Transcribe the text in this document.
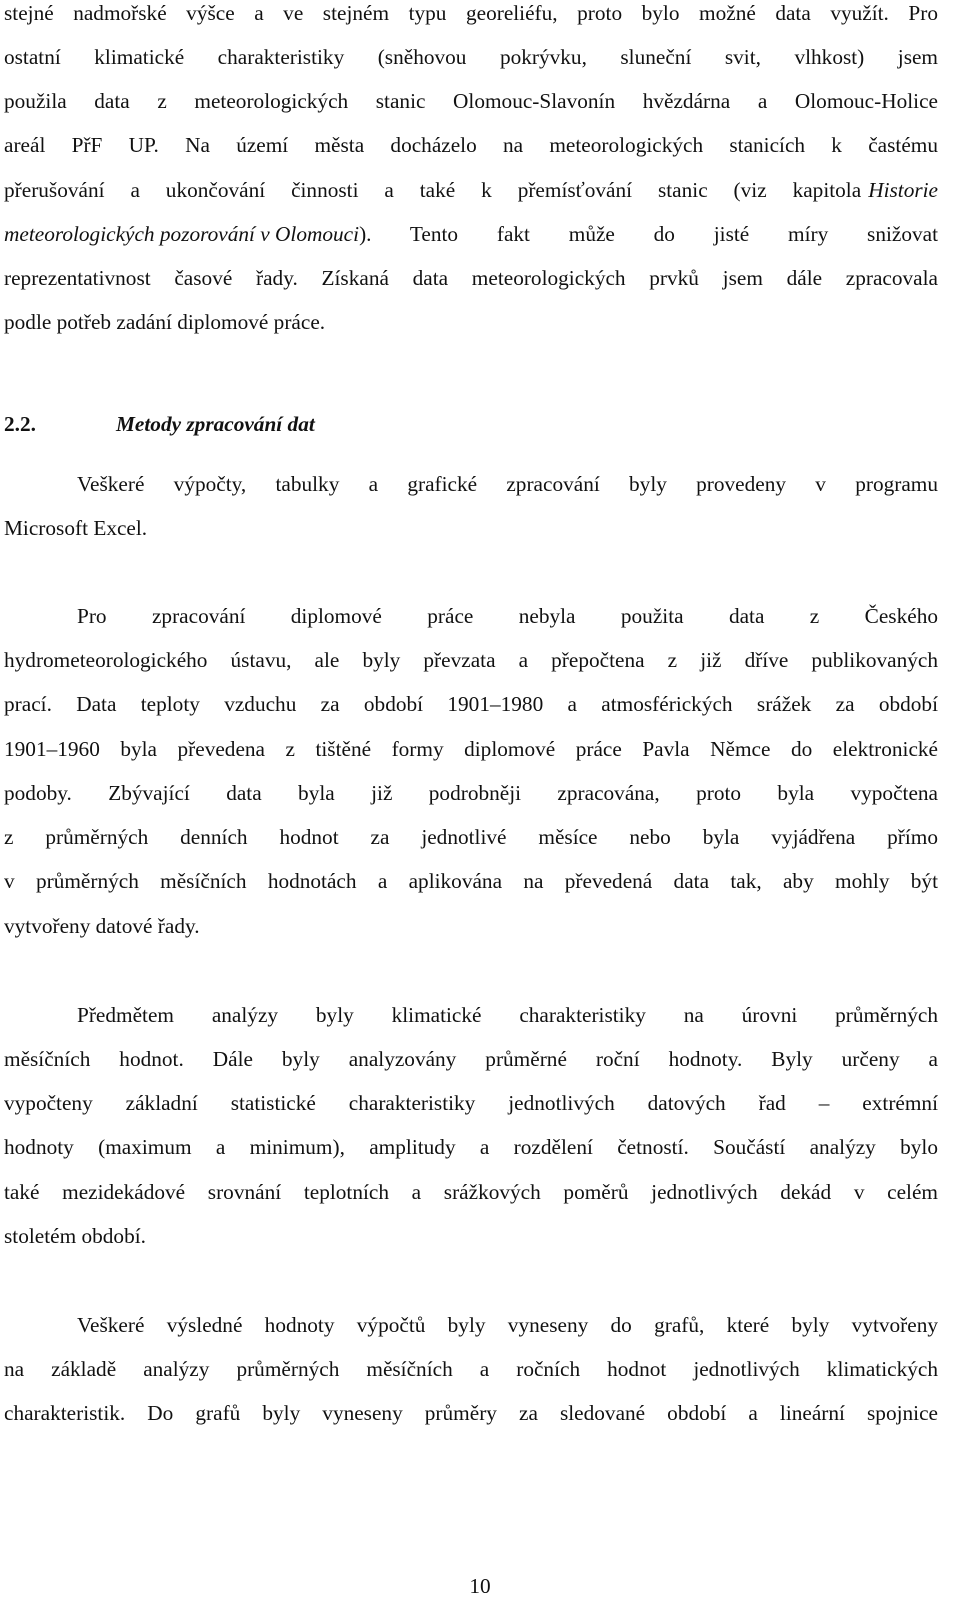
stejné nadmořské výšce a ve stejném typu georeliéfu, proto bylo možné data využít. Pro
ostatní klimatické charakteristiky (sněhovou pokrývku, sluneční svit, vlhkost) jsem
použila data z meteorologických stanic Olomouc-Slavonín hvězdárna a Olomouc-Holice
areál PřF UP. Na území města docházelo na meteorologických stanicích k častému
přerušování a ukončování činnosti a také k přemísťování stanic (viz kapitola Historie
meteorologických pozorování v Olomouci ). Tento fakt může do jisté míry snižovat
reprezentativnost časové řady. Získaná data meteorologických prvků jsem dále zpracovala
podle potřeb zadání diplomové práce.
2.2.	Metody zpracování dat
Veškeré výpočty, tabulky a grafické zpracování byly provedeny v programu
Microsoft Excel.
Pro zpracování diplomové práce nebyla použita data z Českého
hydrometeorologického ústavu, ale byly převzata a přepočtena z již dříve publikovaných
prací. Data teploty vzduchu za období 1901–1980 a atmosférických srážek za období
1901–1960 byla převedena z tištěné formy diplomové práce Pavla Němce do elektronické
podoby. Zbývající data byla již podrobněji zpracována, proto byla vypočtena
z průměrných denních hodnot za jednotlivé měsíce nebo byla vyjádřena přímo
v průměrných měsíčních hodnotách a aplikována na převedená data tak, aby mohly být
vytvořeny datové řady.
Předmětem analýzy byly klimatické charakteristiky na úrovni průměrných
měsíčních hodnot. Dále byly analyzovány průměrné roční hodnoty. Byly určeny a
vypočteny základní statistické charakteristiky jednotlivých datových řad – extrémní
hodnoty (maximum a minimum), amplitudy a rozdělení četností. Součástí analýzy bylo
také mezidekádové srovnání teplotních a srážkových poměrů jednotlivých dekád v celém
stoletém období.
Veškeré výsledné hodnoty výpočtů byly vyneseny do grafů, které byly vytvořeny
na základě analýzy průměrných měsíčních a ročních hodnot jednotlivých klimatických
charakteristik. Do grafů byly vyneseny průměry za sledované období a lineární spojnice
10
